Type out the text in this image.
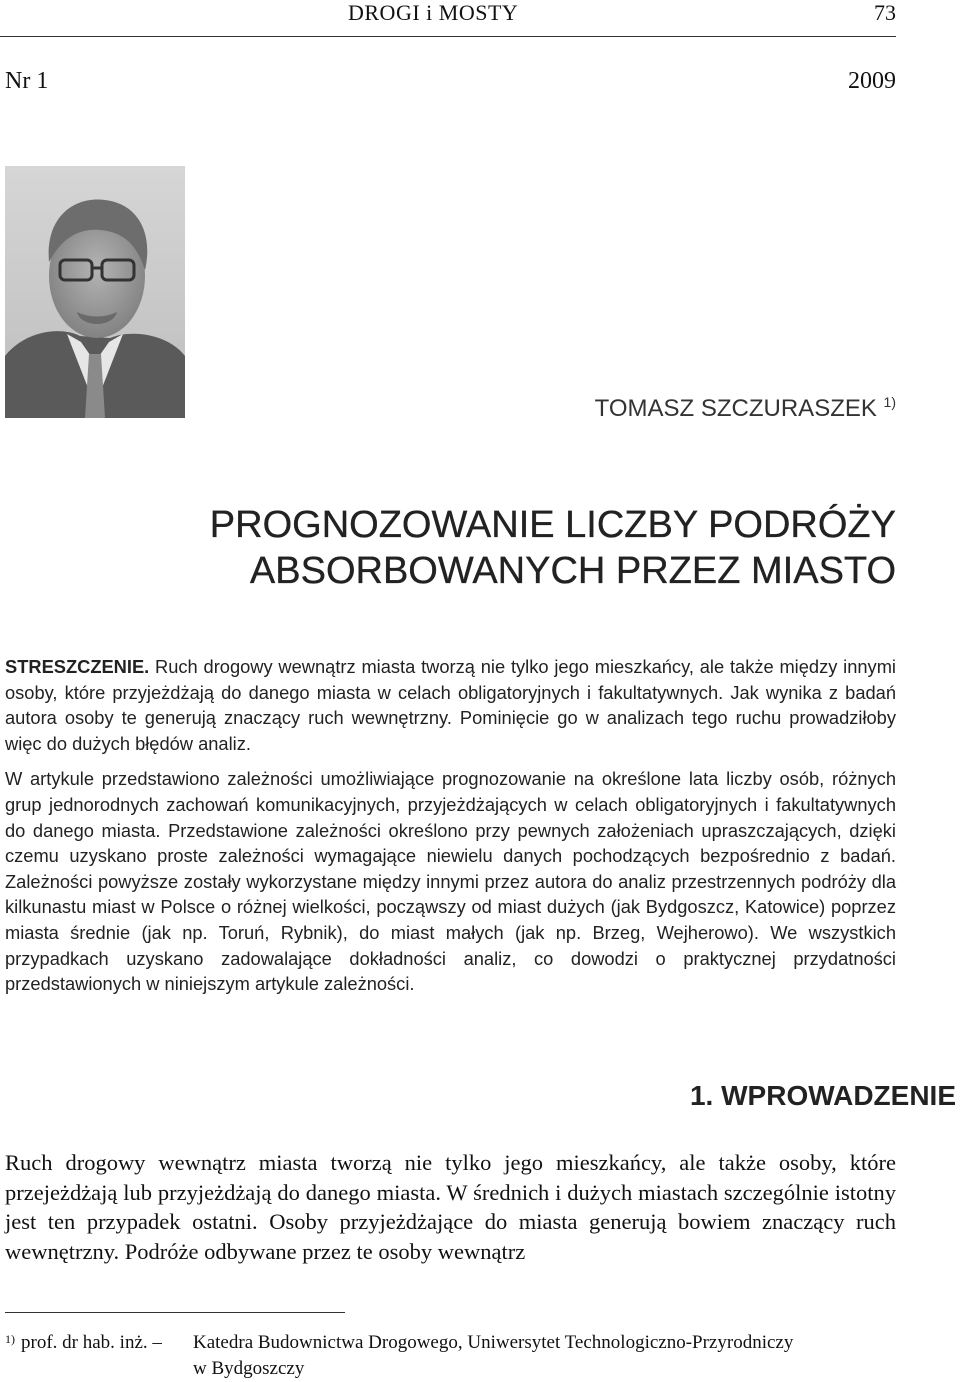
DROGI i MOSTY	73
Nr 1	2009
TOMASZ SZCZURASZEK $^{1)}$
PROGNOZOWANIE LICZBY PODRÓŻY
ABSORBOWANYCH PRZEZ MIASTO

STRESZCZENIE. Ruch drogowy wewnątrz miasta tworzą nie tylko jego mieszkańcy, ale także między innymi osoby, które przyjeżdżają do danego miasta w celach obligatoryjnych i fakultatywnych. Jak wynika z badań autora osoby te generują znaczący ruch wewnętrzny. Pominięcie go w analizach tego ruchu prowadziłoby więc do dużych błędów analiz.

W artykule przedstawiono zależności umożliwiające prognozowanie na określone lata liczby osób, różnych grup jednorodnych zachowań komunikacyjnych, przyjeżdżających w celach obligatoryjnych i fakultatywnych do danego miasta. Przedstawione zależności określono przy pewnych założeniach upraszczających, dzięki czemu uzyskano proste zależności wymagające niewielu danych pochodzących bezpośrednio z badań. Zależności powyższe zostały wykorzystane między innymi przez autora do analiz przestrzennych podróży dla kilkunastu miast w Polsce o różnej wielkości, począwszy od miast dużych (jak Bydgoszcz, Katowice) poprzez miasta średnie (jak np. Toruń, Rybnik), do miast małych (jak np. Brzeg, Wejherowo). We wszystkich przypadkach uzyskano zadowalające dokładności analiz, co dowodzi o praktycznej przydatności przedstawionych w niniejszym artykule zależności.

1. WPROWADZENIE

Ruch drogowy wewnątrz miasta tworzą nie tylko jego mieszkańcy, ale także osoby, które przejeżdżają lub przyjeżdżają do danego miasta. W średnich i dużych miastach szczególnie istotny jest ten przypadek ostatni. Osoby przyjeżdżające do miasta generują bowiem znaczący ruch wewnętrzny. Podróże odbywane przez te osoby wewnątrz

1) prof. dr hab. inż. – Katedra Budownictwa Drogowego, Uniwersytet Technologiczno-Przyrodniczy
w Bydgoszczy
